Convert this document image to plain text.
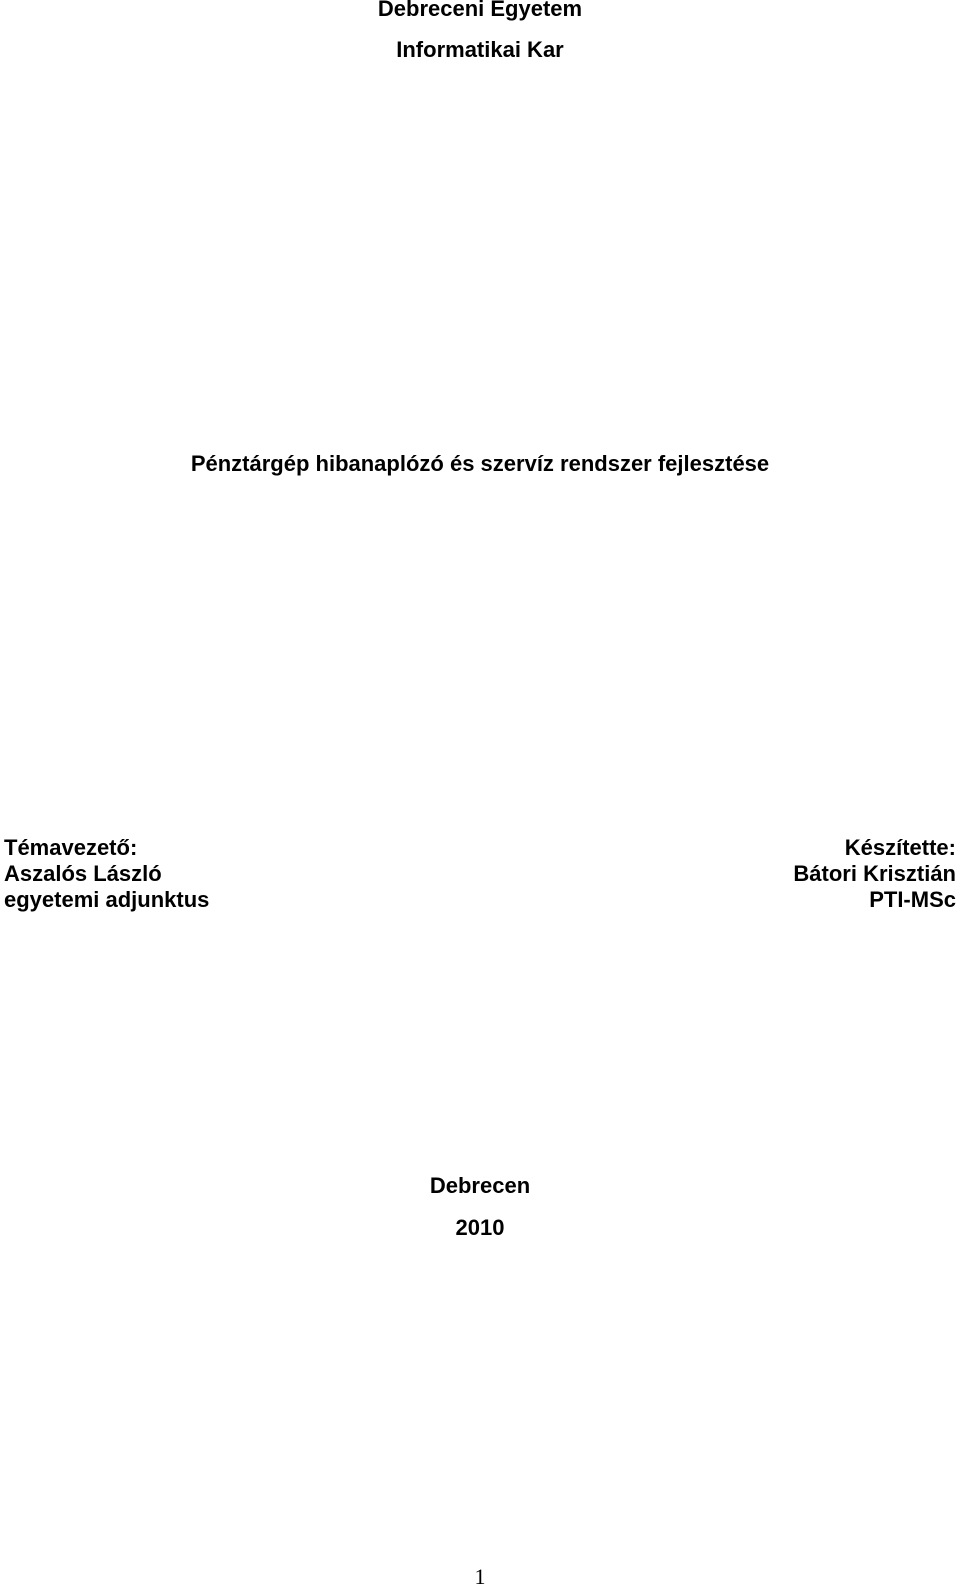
Debreceni Egyetem
Informatikai Kar
Pénztárgép hibanaplózó és szervíz rendszer fejlesztése
Témavezető:
Aszalós László
egyetemi adjunktus
Készítette:
Bátori Krisztián
PTI-MSc
Debrecen
2010
1
